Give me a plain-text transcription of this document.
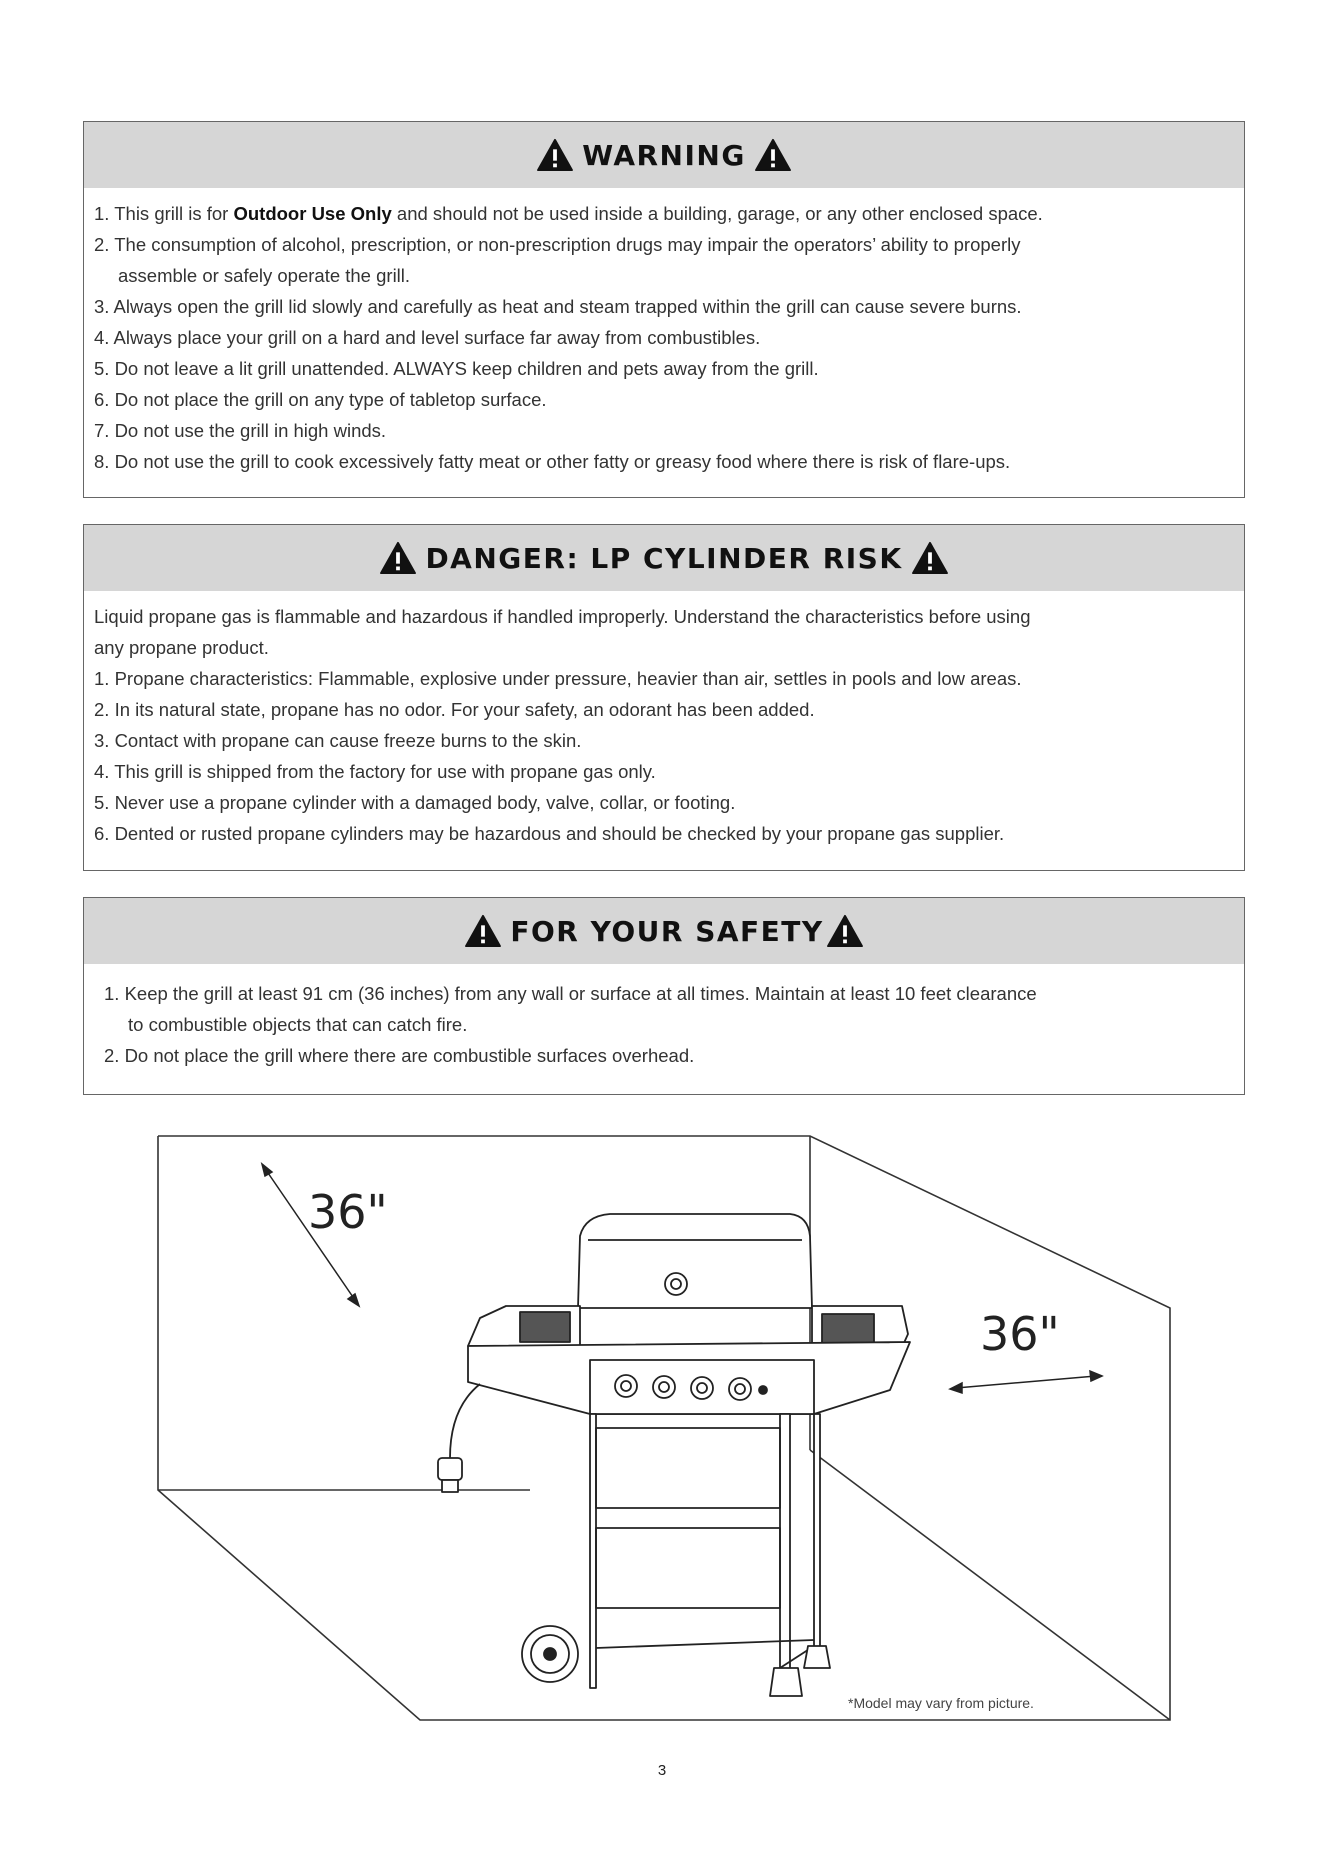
WARNING
1. This grill is for Outdoor Use Only and should not be used inside a building, garage, or any other enclosed space.
2. The consumption of alcohol, prescription, or non-prescription drugs may impair the operators’ ability to properly
assemble or safely operate the grill.
3. Always open the grill lid slowly and carefully as heat and steam trapped within the grill can cause severe burns.
4. Always place your grill on a hard and level surface far away from combustibles.
5. Do not leave a lit grill unattended. ALWAYS keep children and pets away from the grill.
6. Do not place the grill on any type of tabletop surface.
7. Do not use the grill in high winds.
8. Do not use the grill to cook excessively fatty meat or other fatty or greasy food where there is risk of flare-ups.
DANGER: LP CYLINDER RISK
Liquid propane gas is flammable and hazardous if handled improperly. Understand the characteristics before using
any propane product.
1. Propane characteristics: Flammable, explosive under pressure, heavier than air, settles in pools and low areas.
2. In its natural state, propane has no odor. For your safety, an odorant has been added.
3. Contact with propane can cause freeze burns to the skin.
4. This grill is shipped from the factory for use with propane gas only.
5. Never use a propane cylinder with a damaged body, valve, collar, or footing.
6. Dented or rusted propane cylinders may be hazardous and should be checked by your propane gas supplier.
FOR YOUR SAFETY
1. Keep the grill at least 91 cm (36 inches) from any wall or surface at all times. Maintain at least 10 feet clearance
to combustible objects that can catch fire.
2. Do not place the grill where there are combustible surfaces overhead.
36"
36"
*Model may vary from picture.
3
